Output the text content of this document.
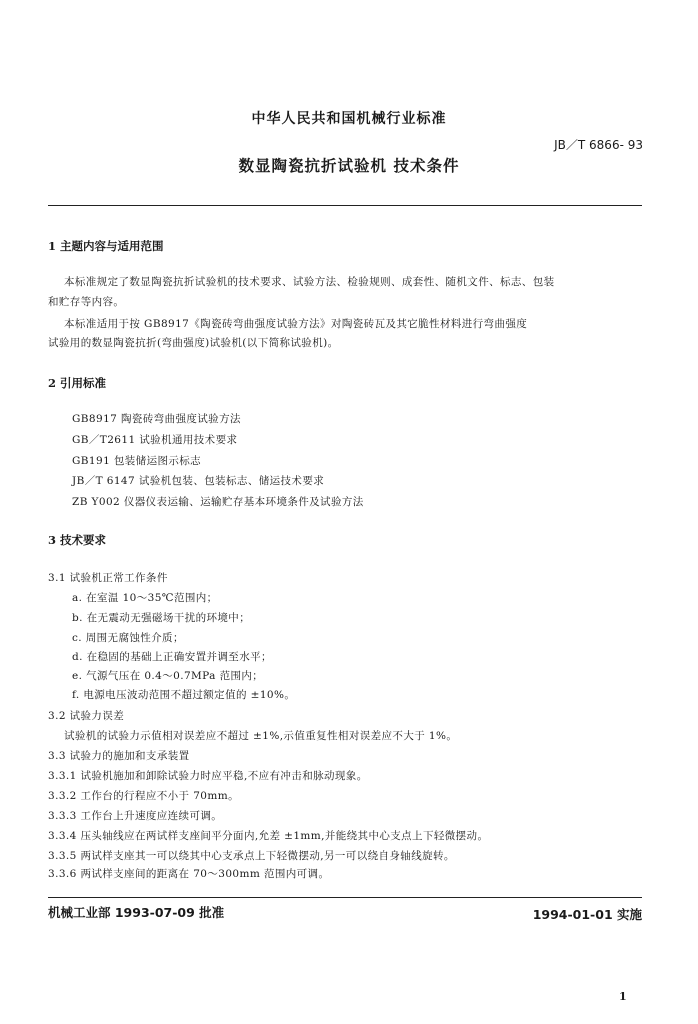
中华人民共和国机械行业标准
JB／T 6866- 93
数显陶瓷抗折试验机 技术条件
1 主题内容与适用范围
本标准规定了数显陶瓷抗折试验机的技术要求、试验方法、检验规则、成套性、随机文件、标志、包装
和贮存等内容。
本标准适用于按 GB8917《陶瓷砖弯曲强度试验方法》对陶瓷砖瓦及其它脆性材料进行弯曲强度
试验用的数显陶瓷抗折(弯曲强度)试验机(以下简称试验机)。
2 引用标准
GB8917 陶瓷砖弯曲强度试验方法
GB／T2611 试验机通用技术要求
GB191 包装储运图示标志
JB／T 6147 试验机包装、包装标志、储运技术要求
ZB Y002 仪器仪表运输、运输贮存基本环境条件及试验方法
3 技术要求
3.1 试验机正常工作条件
a. 在室温 10～35℃范围内；
b. 在无震动无强磁场干扰的环境中；
c. 周围无腐蚀性介质；
d. 在稳固的基础上正确安置并调至水平；
e. 气源气压在 0.4～0.7MPa 范围内；
f. 电源电压波动范围不超过额定值的 ±10%。
3.2 试验力误差
试验机的试验力示值相对误差应不超过 ±1%,示值重复性相对误差应不大于 1%。
3.3 试验力的施加和支承装置
3.3.1 试验机施加和卸除试验力时应平稳,不应有冲击和脉动现象。
3.3.2 工作台的行程应不小于 70mm。
3.3.3 工作台上升速度应连续可调。
3.3.4 压头轴线应在两试样支座间平分面内,允差 ±1mm,并能绕其中心支点上下轻微摆动。
3.3.5 两试样支座其一可以绕其中心支承点上下轻微摆动,另一可以绕自身轴线旋转。
3.3.6 两试样支座间的距离在 70～300mm 范围内可调。
机械工业部 1993-07-09 批准	1994-01-01 实施
1
